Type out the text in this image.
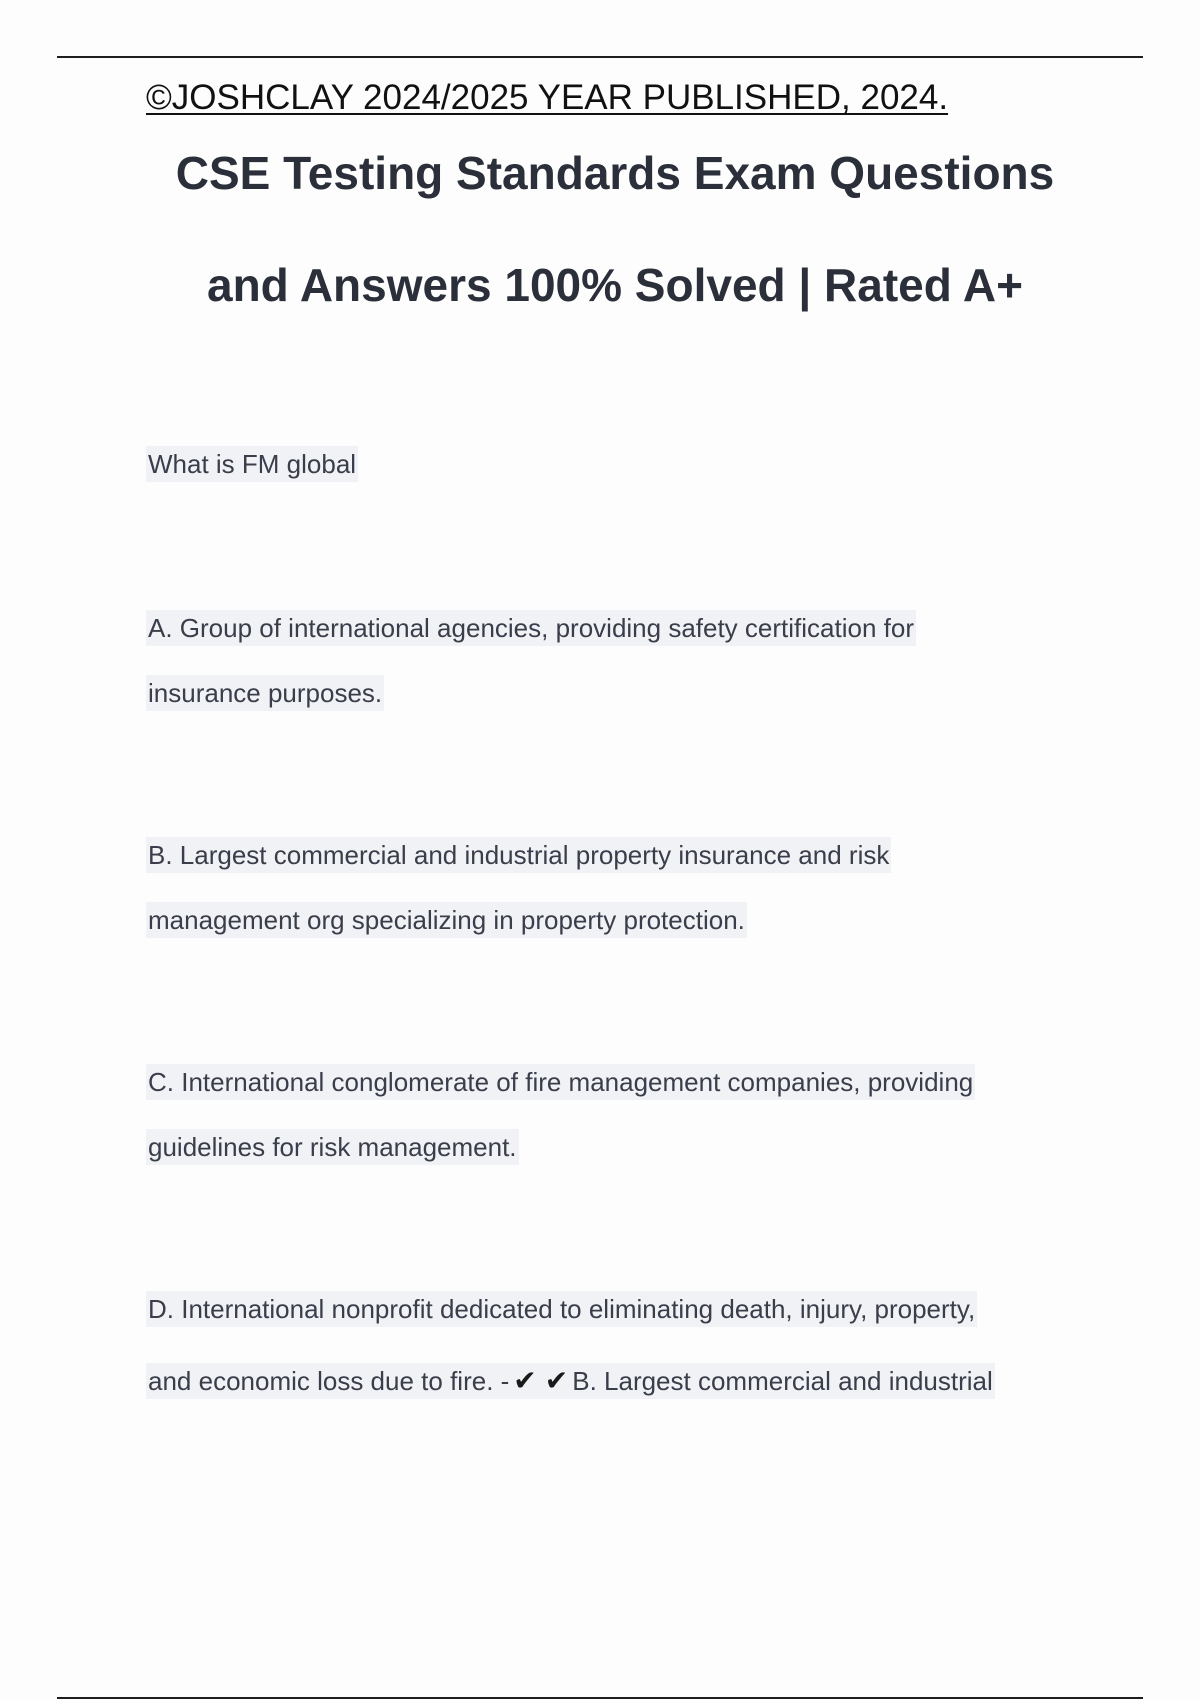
©JOSHCLAY 2024/2025 YEAR PUBLISHED, 2024.
CSE Testing Standards Exam Questions
and Answers 100% Solved | Rated A+
What is FM global
A. Group of international agencies, providing safety certification for
insurance purposes.
B. Largest commercial and industrial property insurance and risk
management org specializing in property protection.
C. International conglomerate of fire management companies, providing
guidelines for risk management.
D. International nonprofit dedicated to eliminating death, injury, property,
and economic loss due to fire. - ✔ ✔ B. Largest commercial and industrial
